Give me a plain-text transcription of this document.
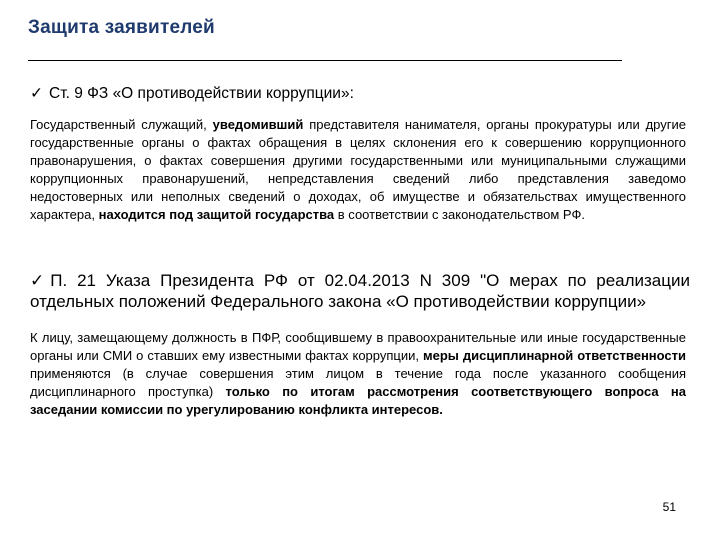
Защита заявителей
✓ Ст. 9 ФЗ «О противодействии коррупции»:
Государственный служащий, уведомивший представителя нанимателя, органы прокуратуры или другие государственные органы о фактах обращения в целях склонения его к совершению коррупционного правонарушения, о фактах совершения другими государственными или муниципальными служащими коррупционных правонарушений, непредставления сведений либо представления заведомо недостоверных или неполных сведений о доходах, об имуществе и обязательствах имущественного характера, находится под защитой государства в соответствии с законодательством РФ.
✓ П. 21 Указа Президента РФ от 02.04.2013 N 309 "О мерах по реализации отдельных положений Федерального закона «О противодействии коррупции»
К лицу, замещающему должность в ПФР, сообщившему в правоохранительные или иные государственные органы или СМИ о ставших ему известными фактах коррупции, меры дисциплинарной ответственности применяются (в случае совершения этим лицом в течение года после указанного сообщения дисциплинарного проступка) только по итогам рассмотрения соответствующего вопроса на заседании комиссии по урегулированию конфликта интересов.
51
